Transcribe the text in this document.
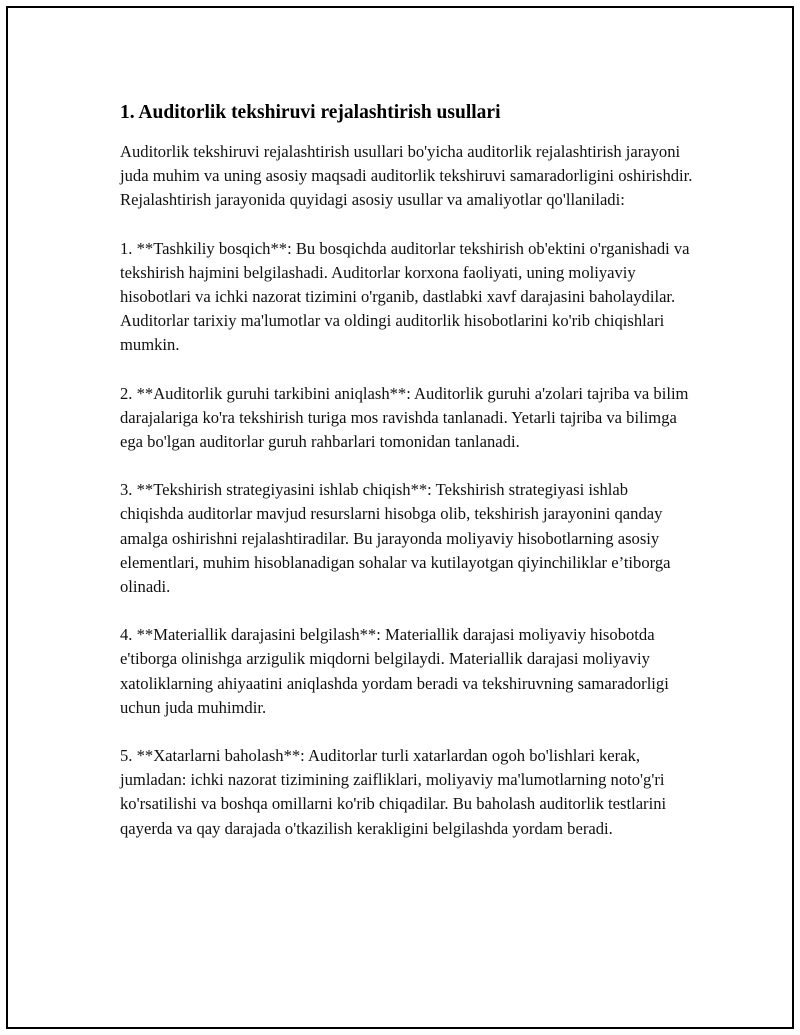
1. Auditorlik tekshiruvi rejalashtirish usullari

Auditorlik tekshiruvi rejalashtirish usullari bo'yicha auditorlik rejalashtirish jarayoni juda muhim va uning asosiy maqsadi auditorlik tekshiruvi samaradorligini oshirishdir. Rejalashtirish jarayonida quyidagi asosiy usullar va amaliyotlar qo'llaniladi:

1. **Tashkiliy bosqich**: Bu bosqichda auditorlar tekshirish ob'ektini o'rganishadi va tekshirish hajmini belgilashadi. Auditorlar korxona faoliyati, uning moliyaviy hisobotlari va ichki nazorat tizimini o'rganib, dastlabki xavf darajasini baholaydilar. Auditorlar tarixiy ma'lumotlar va oldingi auditorlik hisobotlarini ko'rib chiqishlari mumkin.

2. **Auditorlik guruhi tarkibini aniqlash**: Auditorlik guruhi a'zolari tajriba va bilim darajalariga ko'ra tekshirish turiga mos ravishda tanlanadi. Yetarli tajriba va bilimga ega bo'lgan auditorlar guruh rahbarlari tomonidan tanlanadi.

3. **Tekshirish strategiyasini ishlab chiqish**: Tekshirish strategiyasi ishlab chiqishda auditorlar mavjud resurslarni hisobga olib, tekshirish jarayonini qanday amalga oshirishni rejalashtiradilar. Bu jarayonda moliyaviy hisobotlarning asosiy elementlari, muhim hisoblanadigan sohalar va kutilayotgan qiyinchiliklar e’tiborga olinadi.

4. **Materiallik darajasini belgilash**: Materiallik darajasi moliyaviy hisobotda e'tiborga olinishga arzigulik miqdorni belgilaydi. Materiallik darajasi moliyaviy xatoliklarning ahiyaatini aniqlashda yordam beradi va tekshiruvning samaradorligi uchun juda muhimdir.

5. **Xatarlarni baholash**: Auditorlar turli xatarlardan ogoh bo'lishlari kerak, jumladan: ichki nazorat tizimining zaifliklari, moliyaviy ma'lumotlarning noto'g'ri ko'rsatilishi va boshqa omillarni ko'rib chiqadilar. Bu baholash auditorlik testlarini qayerda va qay darajada o'tkazilish kerakligini belgilashda yordam beradi.
